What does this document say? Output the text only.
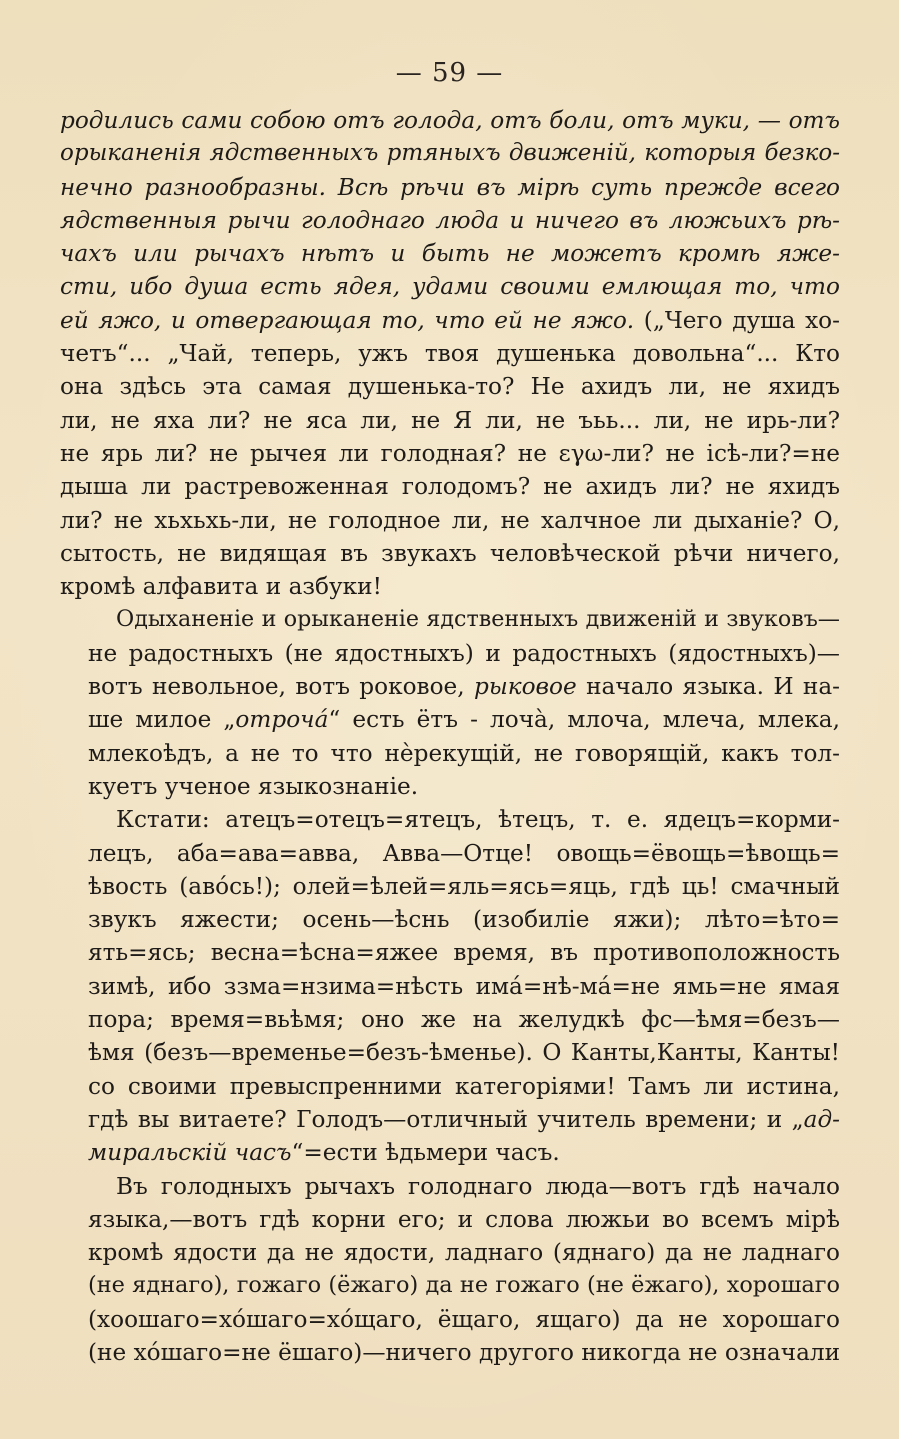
— 59 —

родились сами собою отъ голода, отъ боли, отъ муки, — отъ
орыканенія ядственныхъ ртяныхъ движеній, которыя безко-
нечно разнообразны. Всѣ рѣчи въ мірѣ суть прежде всего
ядственныя рычи голоднаго люда и ничего въ люжьихъ рѣ-
чахъ или рычахъ нѣтъ и быть не можетъ кромѣ яже-
сти, ибо душа есть ядея, удами своими емлющая то, что
ей яжо, и отвергающая то, что ей не яжо. („Чего душа хо-
четъ“... „Чай, теперь, ужъ твоя душенька довольна“... Кто
она здѣсь эта самая душенька-то? Не ахидъ ли, не яхидъ
ли, не яха ли? не яса ли, не Я ли, не ъьь... ли, не ирь-ли?
не ярь ли? не рычея ли голодная? не εγω-ли? не ісѣ-ли?=не
дыша ли растревоженная голодомъ? не ахидъ ли? не яхидъ
ли? не хьхьхь-ли, не голодное ли, не халчное ли дыханіе? О,
сытость, не видящая въ звукахъ человѣческой рѣчи ничего,
кромѣ алфавита и азбуки!

Одыханеніе и орыканеніе ядственныхъ движеній и звуковъ—
не радостныхъ (не ядостныхъ) и радостныхъ (ядостныхъ)—
вотъ невольное, вотъ роковое, рыковое начало языка. И на-
ше милое „отрочá“ есть ётъ - лочà, млоча, млеча, млека,
млекоѣдъ, а не то что нѐрекущій, не говорящій, какъ тол-
куетъ ученое языкознаніе.

Кстати: атецъ=отецъ=ятецъ, ѣтецъ, т. е. ядецъ=корми-
лецъ, аба=ава=авва, Авва—Отце! овощь=ёвощь=ѣвощь=
ѣвость (авóсь!); олей=ѣлей=яль=ясь=яць, гдѣ ць! смачный
звукъ яжести; осень—ѣснь (изобиліе яжи); лѣто=ѣто=
ять=ясь; весна=ѣсна=яжее время, въ противоположность
зимѣ, ибо ззма=нзима=нѣсть имá=нѣ-мá=не ямь=не ямая
пора; время=вьѣмя; оно же на желудкѣ фс—ѣмя=безъ—
ѣмя (безъ—временье=безъ-ѣменье). О Канты,Канты, Канты!
со своими превыспренними категоріями! Тамъ ли истина,
гдѣ вы витаете? Голодъ—отличный учитель времени; и „ад-
миральскій часъ“=ести ѣдьмери часъ.

Въ голодныхъ рычахъ голоднаго люда—вотъ гдѣ начало
языка,—вотъ гдѣ корни его; и слова люжьи во всемъ мірѣ
кромѣ ядости да не ядости, ладнаго (яднаго) да не ладнаго
(не яднаго), гожаго (ёжаго) да не гожаго (не ёжаго), хорошаго
(хоошаго=хóшаго=хóщаго, ёщаго, ящаго) да не хорошаго
(не хóшаго=не ёшаго)—ничего другого никогда не означали
